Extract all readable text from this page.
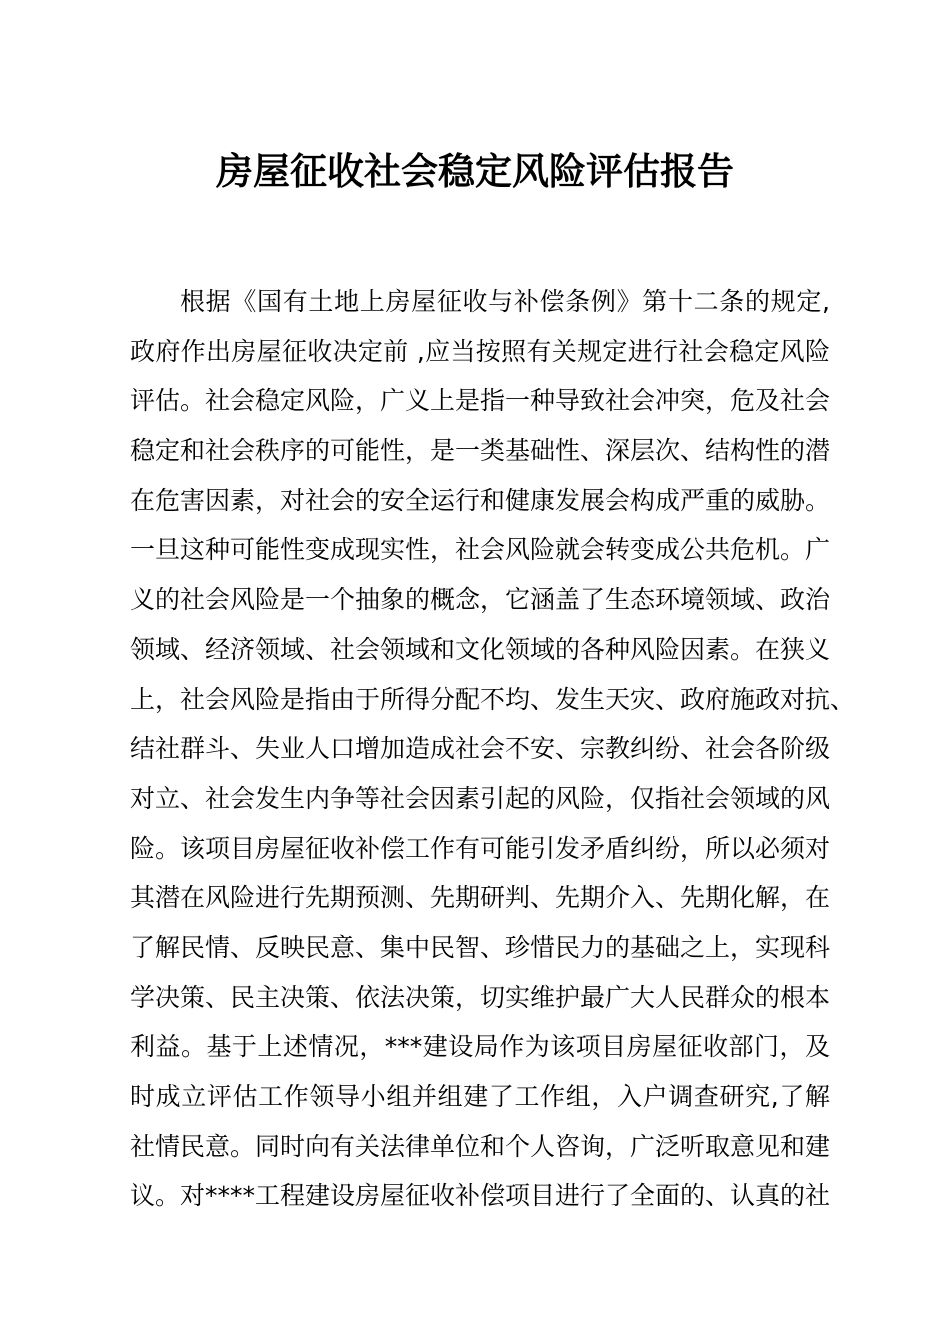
房屋征收社会稳定风险评估报告
根据《国有土地上房屋征收与补偿条例》第十二条的规定,
政府作出房屋征收决定前 ,应当按照有关规定进行社会稳定风险
评估。社会稳定风险，广义上是指一种导致社会冲突，危及社会
稳定和社会秩序的可能性，是一类基础性、深层次、结构性的潜
在危害因素，对社会的安全运行和健康发展会构成严重的威胁。
一旦这种可能性变成现实性，社会风险就会转变成公共危机。广
义的社会风险是一个抽象的概念，它涵盖了生态环境领域、政治
领域、经济领域、社会领域和文化领域的各种风险因素。在狭义
上，社会风险是指由于所得分配不均、发生天灾、政府施政对抗、
结社群斗、失业人口增加造成社会不安、宗教纠纷、社会各阶级
对立、社会发生内争等社会因素引起的风险，仅指社会领域的风
险。该项目房屋征收补偿工作有可能引发矛盾纠纷，所以必须对
其潜在风险进行先期预测、先期研判、先期介入、先期化解，在
了解民情、反映民意、集中民智、珍惜民力的基础之上，实现科
学决策、民主决策、依法决策，切实维护最广大人民群众的根本
利益。基于上述情况，***建设局作为该项目房屋征收部门，及
时成立评估工作领导小组并组建了工作组，入户调查研究,了解
社情民意。同时向有关法律单位和个人咨询，广泛听取意见和建
议。对****工程建设房屋征收补偿项目进行了全面的、认真的社
